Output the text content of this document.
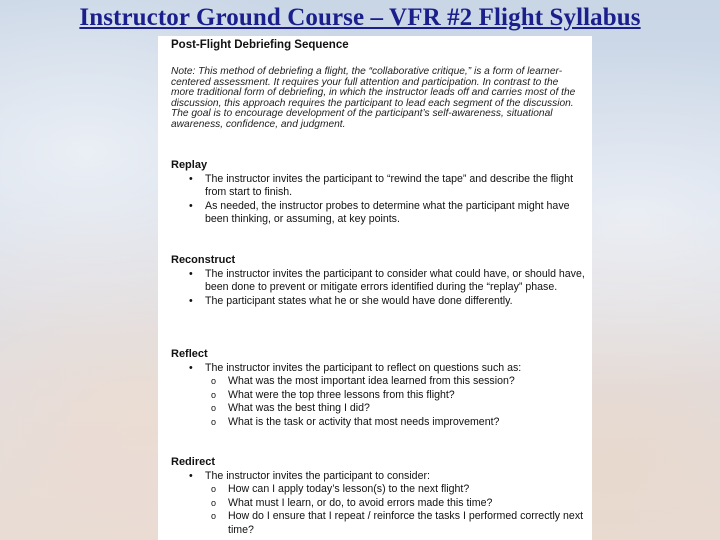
Instructor Ground Course – VFR #2 Flight Syllabus
Post-Flight Debriefing Sequence
Note: This method of debriefing a flight, the “collaborative critique,” is a form of learner-centered assessment. It requires your full attention and participation. In contrast to the more traditional form of debriefing, in which the instructor leads off and carries most of the discussion, this approach requires the participant to lead each segment of the discussion. The goal is to encourage development of the participant’s self-awareness, situational awareness, confidence, and judgment.
Replay
• The instructor invites the participant to “rewind the tape” and describe the flight from start to finish.
• As needed, the instructor probes to determine what the participant might have been thinking, or assuming, at key points.
Reconstruct
• The instructor invites the participant to consider what could have, or should have, been done to prevent or mitigate errors identified during the “replay” phase.
• The participant states what he or she would have done differently.
Reflect
• The instructor invites the participant to reflect on questions such as:
o What was the most important idea learned from this session?
o What were the top three lessons from this flight?
o What was the best thing I did?
o What is the task or activity that most needs improvement?
Redirect
• The instructor invites the participant to consider:
o How can I apply today’s lesson(s) to the next flight?
o What must I learn, or do, to avoid errors made this time?
o How do I ensure that I repeat / reinforce the tasks I performed correctly next time?
